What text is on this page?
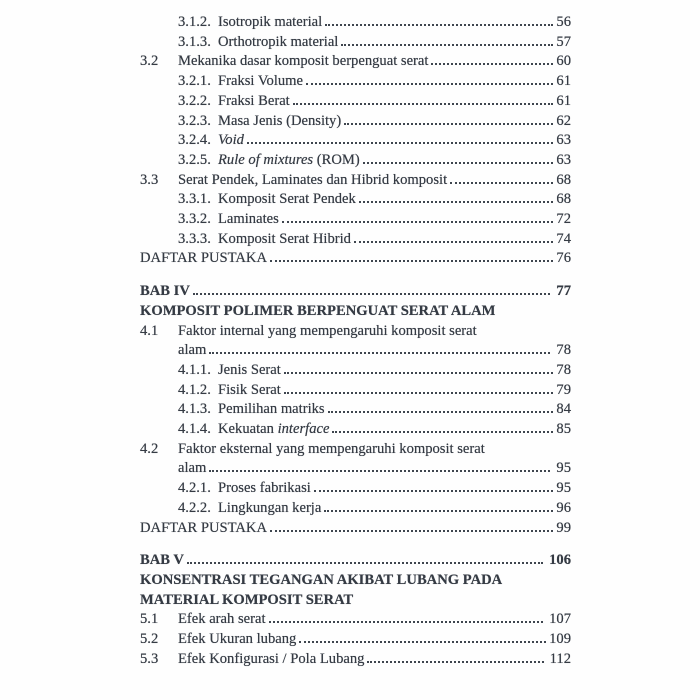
3.1.2. Isotropik material	56
3.1.3. Orthotropik material	57
3.2	Mekanika dasar komposit berpenguat serat	60
3.2.1. Fraksi Volume	61
3.2.2. Fraksi Berat	61
3.2.3. Masa Jenis (Density)	62
3.2.4. Void	63
3.2.5. Rule of mixtures (ROM)	63
3.3	Serat Pendek, Laminates dan Hibrid komposit	68
3.3.1. Komposit Serat Pendek	68
3.3.2. Laminates	72
3.3.3. Komposit Serat Hibrid	74
DAFTAR PUSTAKA	76
BAB IV	77
KOMPOSIT POLIMER BERPENGUAT SERAT ALAM
4.1	Faktor internal yang mempengaruhi komposit serat
alam	78
4.1.1. Jenis Serat	78
4.1.2. Fisik Serat	79
4.1.3. Pemilihan matriks	84
4.1.4. Kekuatan interface	85
4.2	Faktor eksternal yang mempengaruhi komposit serat
alam	95
4.2.1. Proses fabrikasi	95
4.2.2. Lingkungan kerja	96
DAFTAR PUSTAKA	99
BAB V	106
KONSENTRASI TEGANGAN AKIBAT LUBANG PADA
MATERIAL KOMPOSIT SERAT
5.1	Efek arah serat	107
5.2	Efek Ukuran lubang	109
5.3	Efek Konfigurasi / Pola Lubang	112
